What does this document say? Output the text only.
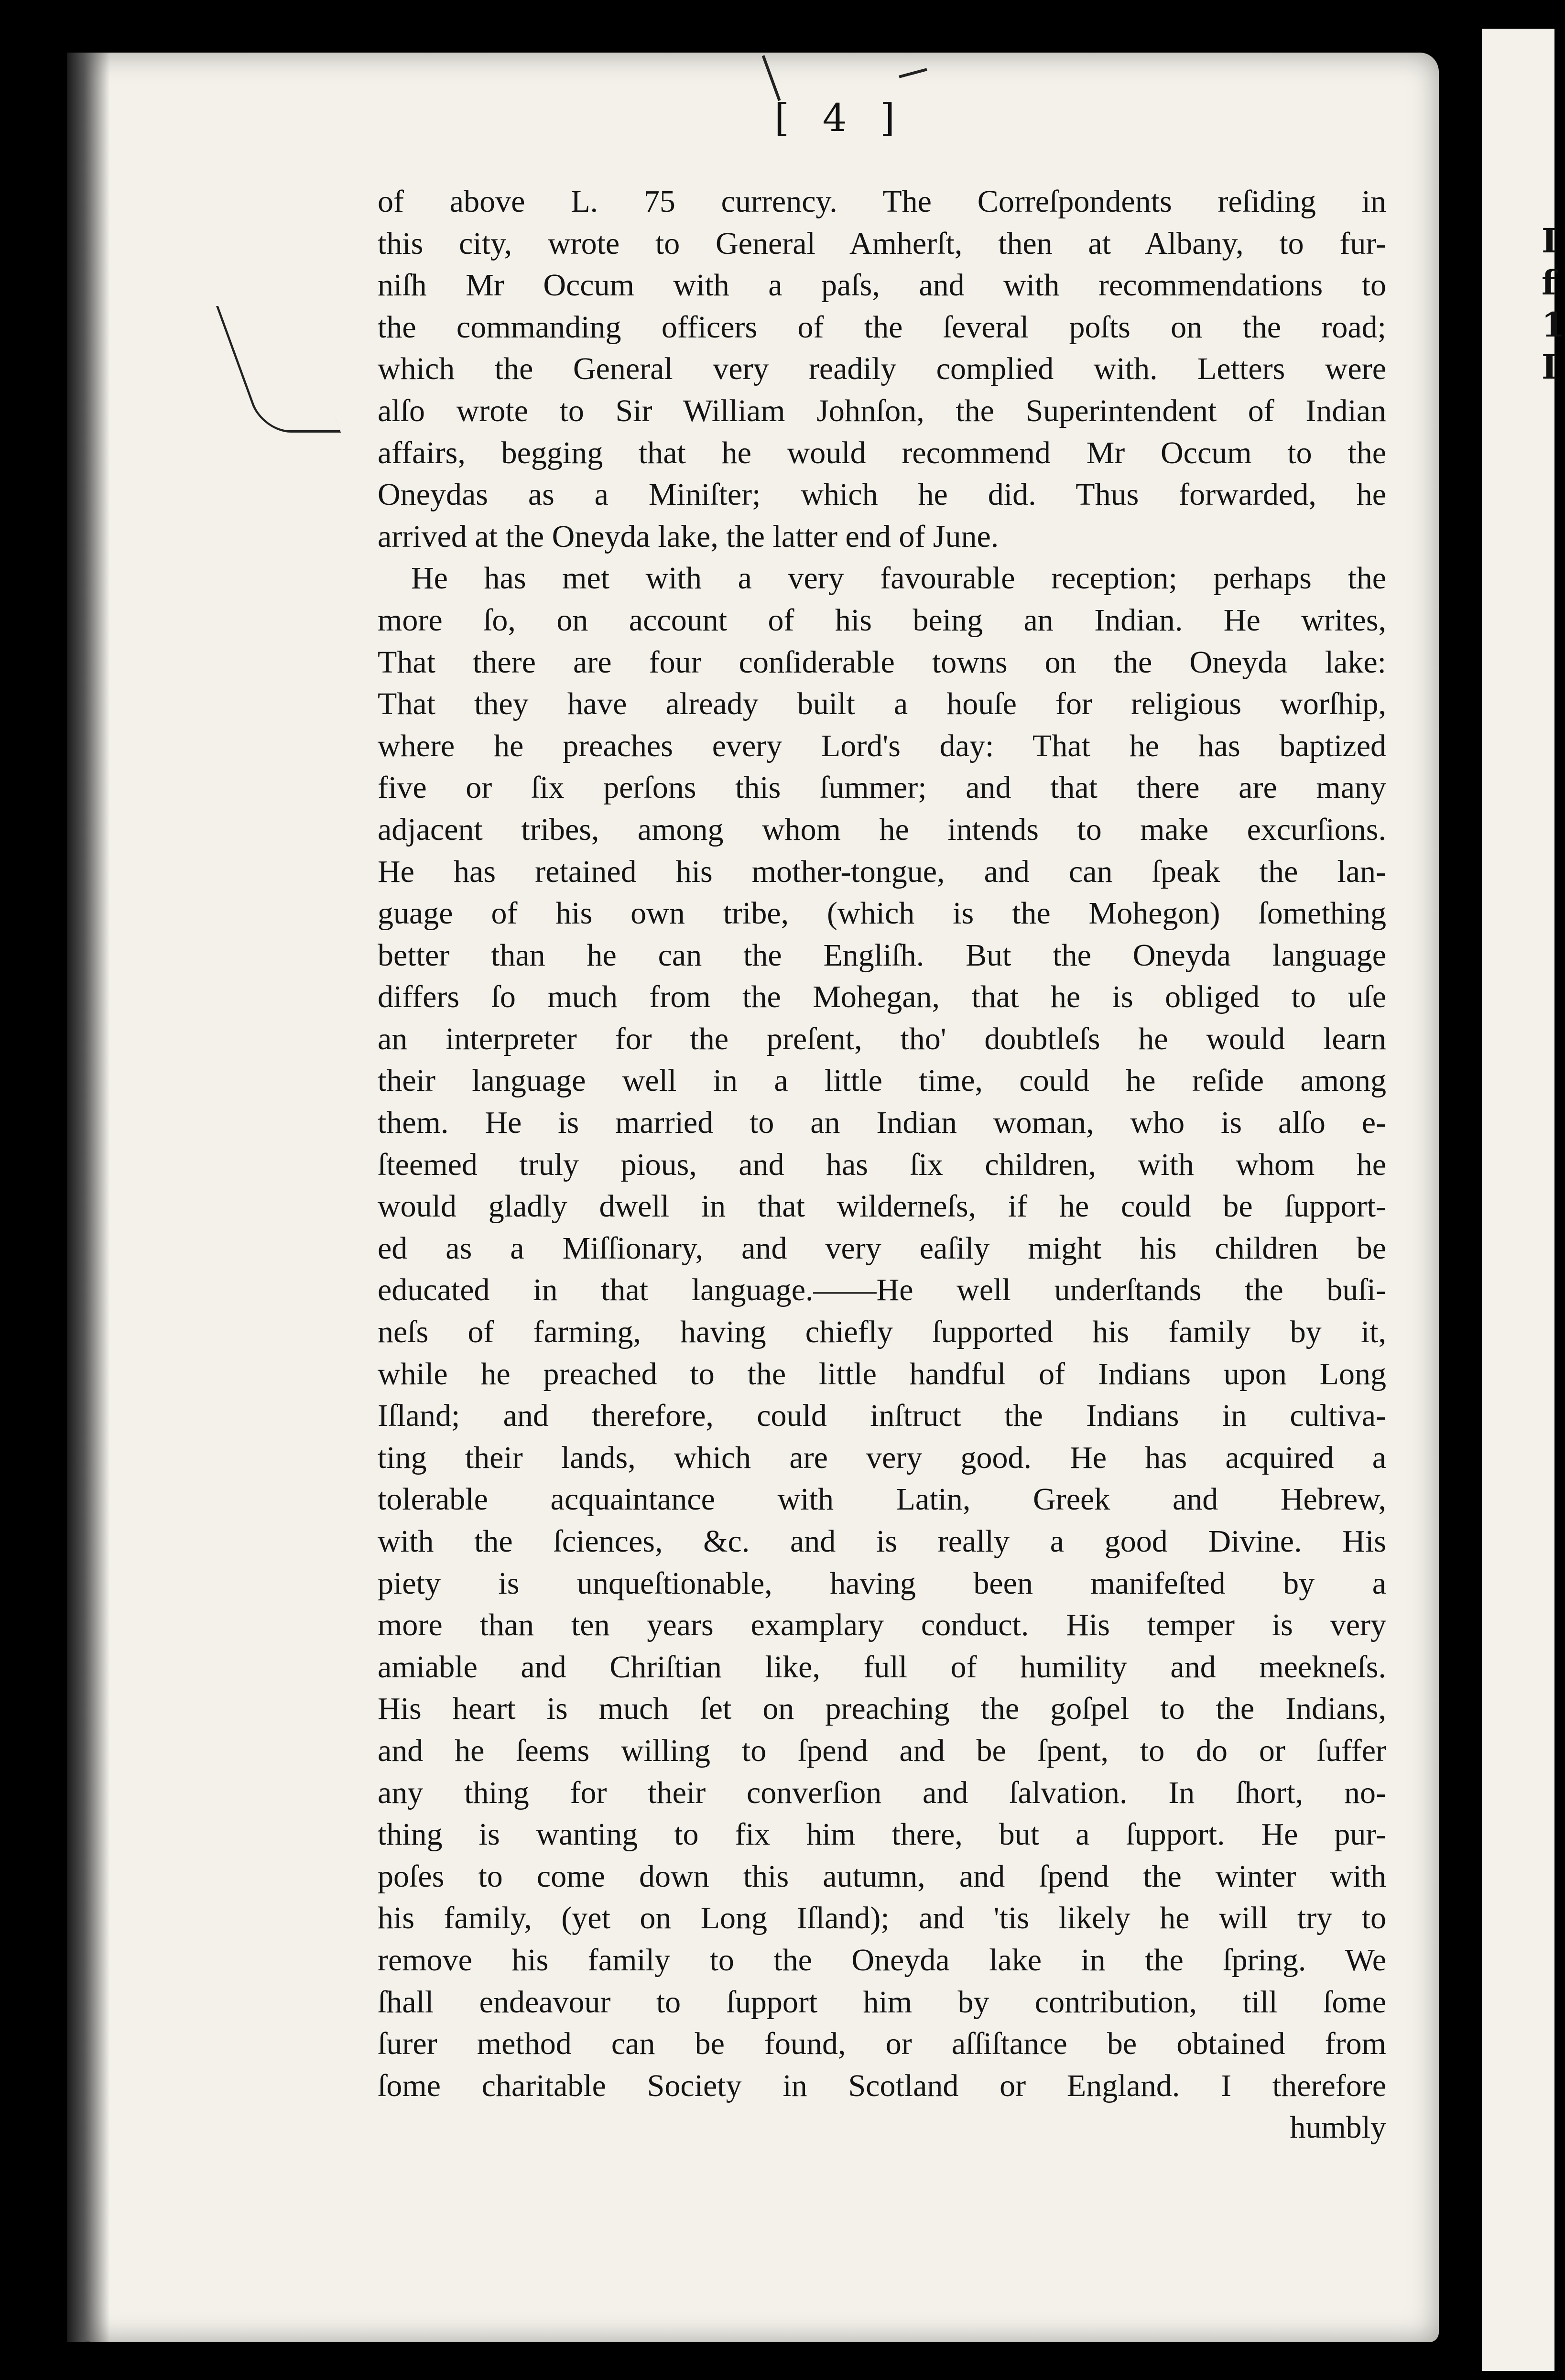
I
f
1
I
[ 4 ]
of above L. 75 currency. The Correſpondents reſiding in
this city, wrote to General Amherſt, then at Albany, to fur-
niſh Mr Occum with a paſs, and with recommendations to
the commanding officers of the ſeveral poſts on the road;
which the General very readily complied with. Letters were
alſo wrote to Sir William Johnſon, the Superintendent of Indian
affairs, begging that he would recommend Mr Occum to the
Oneydas as a Miniſter; which he did. Thus forwarded, he
arrived at the Oneyda lake, the latter end of June.
He has met with a very favourable reception; perhaps the
more ſo, on account of his being an Indian. He writes,
That there are four conſiderable towns on the Oneyda lake:
That they have already built a houſe for religious worſhip,
where he preaches every Lord's day: That he has baptized
five or ſix perſons this ſummer; and that there are many
adjacent tribes, among whom he intends to make excurſions.
He has retained his mother-tongue, and can ſpeak the lan-
guage of his own tribe, (which is the Mohegon) ſomething
better than he can the Engliſh. But the Oneyda language
differs ſo much from the Mohegan, that he is obliged to uſe
an interpreter for the preſent, tho' doubtleſs he would learn
their language well in a little time, could he reſide among
them. He is married to an Indian woman, who is alſo e-
ſteemed truly pious, and has ſix children, with whom he
would gladly dwell in that wilderneſs, if he could be ſupport-
ed as a Miſſionary, and very eaſily might his children be
educated in that language.——He well underſtands the buſi-
neſs of farming, having chiefly ſupported his family by it,
while he preached to the little handful of Indians upon Long
Iſland; and therefore, could inſtruct the Indians in cultiva-
ting their lands, which are very good. He has acquired a
tolerable acquaintance with Latin, Greek and Hebrew,
with the ſciences, &c. and is really a good Divine. His
piety is unqueſtionable, having been manifeſted by a
more than ten years examplary conduct. His temper is very
amiable and Chriſtian like, full of humility and meekneſs.
His heart is much ſet on preaching the goſpel to the Indians,
and he ſeems willing to ſpend and be ſpent, to do or ſuffer
any thing for their converſion and ſalvation. In ſhort, no-
thing is wanting to fix him there, but a ſupport. He pur-
poſes to come down this autumn, and ſpend the winter with
his family, (yet on Long Iſland); and 'tis likely he will try to
remove his family to the Oneyda lake in the ſpring. We
ſhall endeavour to ſupport him by contribution, till ſome
ſurer method can be found, or aſſiſtance be obtained from
ſome charitable Society in Scotland or England. I therefore
humbly
